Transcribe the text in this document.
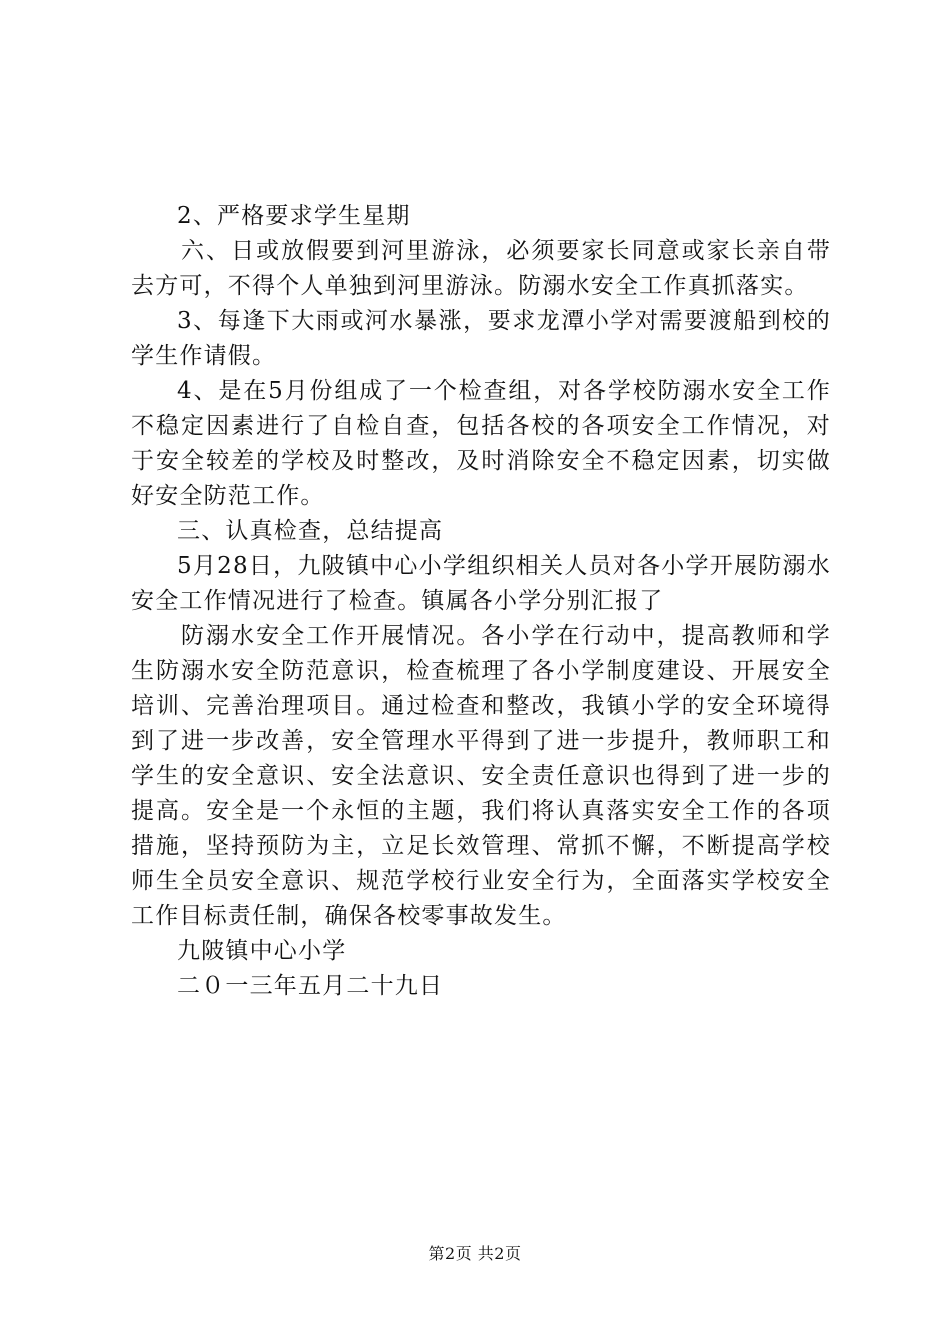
2、严格要求学生星期

六、日或放假要到河里游泳，必须要家长同意或家长亲自带去方可，不得个人单独到河里游泳。防溺水安全工作真抓落实。

3、每逢下大雨或河水暴涨，要求龙潭小学对需要渡船到校的学生作请假。

4、是在5月份组成了一个检查组，对各学校防溺水安全工作不稳定因素进行了自检自查，包括各校的各项安全工作情况，对于安全较差的学校及时整改，及时消除安全不稳定因素，切实做好安全防范工作。

三、认真检查，总结提高

5月28日，九陂镇中心小学组织相关人员对各小学开展防溺水安全工作情况进行了检查。镇属各小学分别汇报了

防溺水安全工作开展情况。各小学在行动中，提高教师和学生防溺水安全防范意识，检查梳理了各小学制度建设、开展安全培训、完善治理项目。通过检查和整改，我镇小学的安全环境得到了进一步改善，安全管理水平得到了进一步提升，教师职工和学生的安全意识、安全法意识、安全责任意识也得到了进一步的提高。安全是一个永恒的主题，我们将认真落实安全工作的各项措施，坚持预防为主，立足长效管理、常抓不懈，不断提高学校师生全员安全意识、规范学校行业安全行为，全面落实学校安全工作目标责任制，确保各校零事故发生。

九陂镇中心小学

二０一三年五月二十九日

第2页 共2页
